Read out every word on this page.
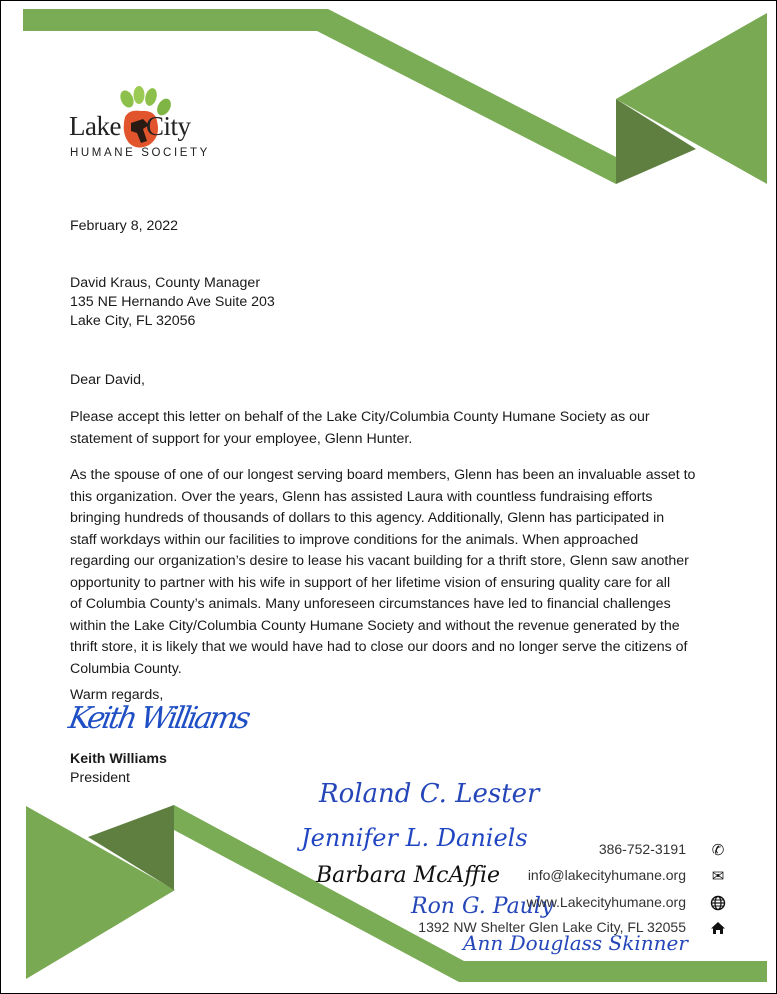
Lake City
HUMANE SOCIETY
February 8, 2022
David Kraus, County Manager
135 NE Hernando Ave Suite 203
Lake City, FL 32056
Dear David,
Please accept this letter on behalf of the Lake City/Columbia County Humane Society as our
statement of support for your employee, Glenn Hunter.
As the spouse of one of our longest serving board members, Glenn has been an invaluable asset to
this organization. Over the years, Glenn has assisted Laura with countless fundraising efforts
bringing hundreds of thousands of dollars to this agency. Additionally, Glenn has participated in
staff workdays within our facilities to improve conditions for the animals. When approached
regarding our organization’s desire to lease his vacant building for a thrift store, Glenn saw another
opportunity to partner with his wife in support of her lifetime vision of ensuring quality care for all
of Columbia County’s animals. Many unforeseen circumstances have led to financial challenges
within the Lake City/Columbia County Humane Society and without the revenue generated by the
thrift store, it is likely that we would have had to close our doors and no longer serve the citizens of
Columbia County.
Warm regards,
Keith Williams
Keith Williams
President
Roland C. Lester
Jennifer L. Daniels
Barbara McAffie
Ron G. Pauly
Ann Douglass Skinner
386-752-3191 ✆
info@lakecityhumane.org ✉
www.Lakecityhumane.org
1392 NW Shelter Glen Lake City, FL 32055
